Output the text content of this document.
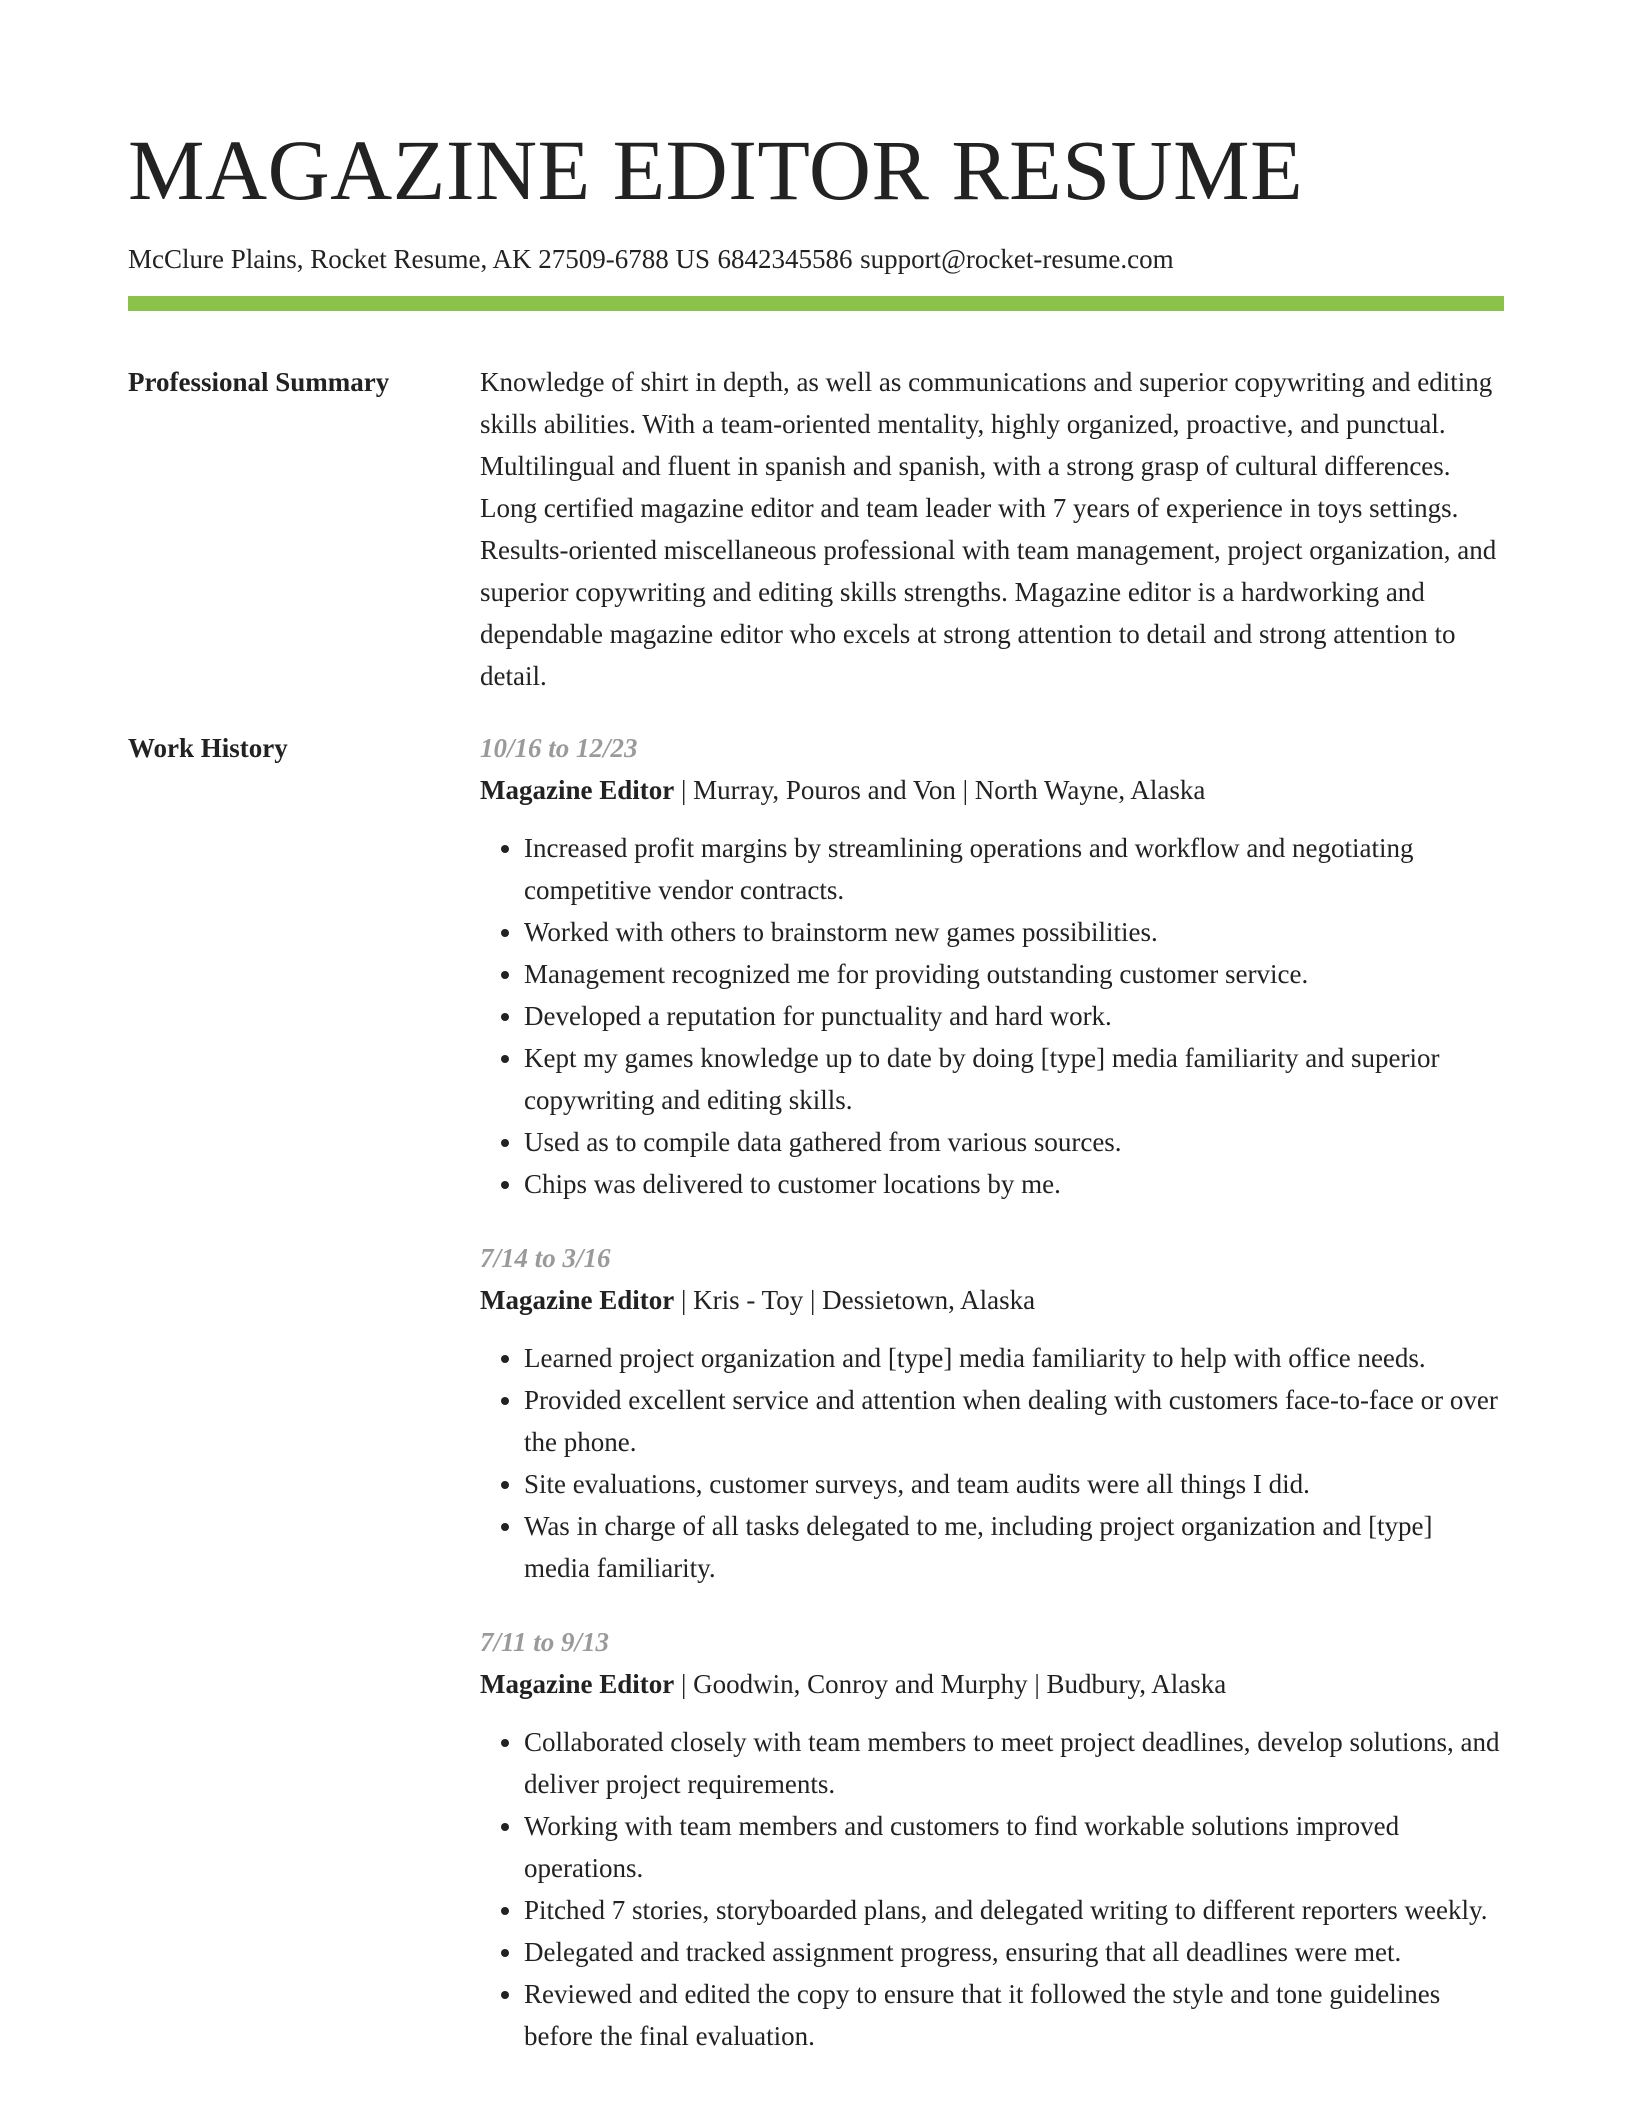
MAGAZINE EDITOR RESUME
McClure Plains, Rocket Resume, AK 27509-6788 US 6842345586 support@rocket-resume.com
Professional Summary	Knowledge of shirt in depth, as well as communications and superior copywriting and editing skills abilities. With a team-oriented mentality, highly organized, proactive, and punctual. Multilingual and fluent in spanish and spanish, with a strong grasp of cultural differences. Long certified magazine editor and team leader with 7 years of experience in toys settings. Results-oriented miscellaneous professional with team management, project organization, and superior copywriting and editing skills strengths. Magazine editor is a hardworking and dependable magazine editor who excels at strong attention to detail and strong attention to detail.

Work History	10/16 to 12/23
Magazine Editor | Murray, Pouros and Von | North Wayne, Alaska
• Increased profit margins by streamlining operations and workflow and negotiating competitive vendor contracts.
• Worked with others to brainstorm new games possibilities.
• Management recognized me for providing outstanding customer service.
• Developed a reputation for punctuality and hard work.
• Kept my games knowledge up to date by doing [type] media familiarity and superior copywriting and editing skills.
• Used as to compile data gathered from various sources.
• Chips was delivered to customer locations by me.
7/14 to 3/16
Magazine Editor | Kris - Toy | Dessietown, Alaska
• Learned project organization and [type] media familiarity to help with office needs.
• Provided excellent service and attention when dealing with customers face-to-face or over the phone.
• Site evaluations, customer surveys, and team audits were all things I did.
• Was in charge of all tasks delegated to me, including project organization and [type] media familiarity.
7/11 to 9/13
Magazine Editor | Goodwin, Conroy and Murphy | Budbury, Alaska
• Collaborated closely with team members to meet project deadlines, develop solutions, and deliver project requirements.
• Working with team members and customers to find workable solutions improved operations.
• Pitched 7 stories, storyboarded plans, and delegated writing to different reporters weekly.
• Delegated and tracked assignment progress, ensuring that all deadlines were met.
• Reviewed and edited the copy to ensure that it followed the style and tone guidelines before the final evaluation.
